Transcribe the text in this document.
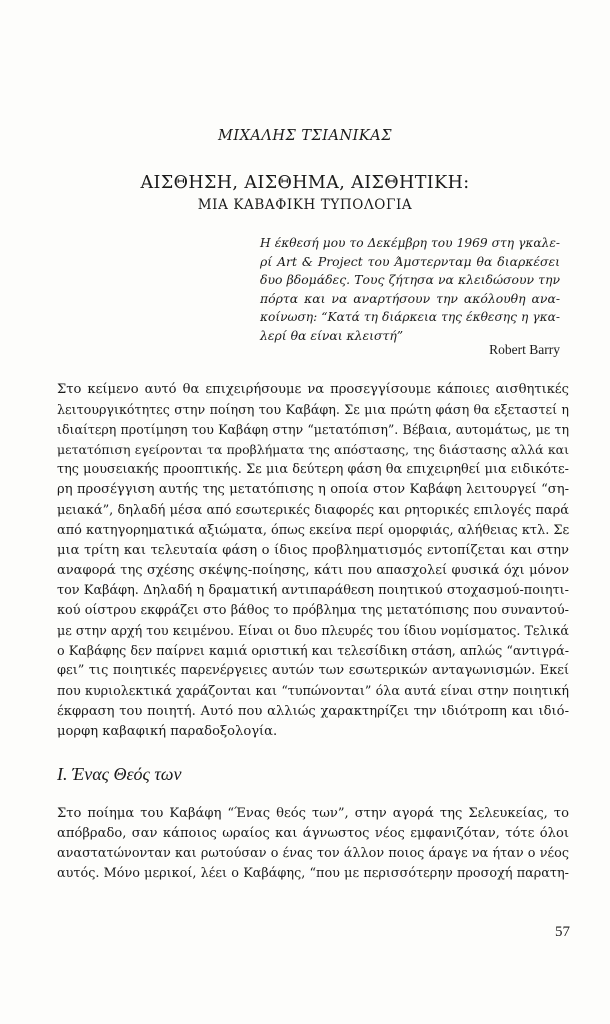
ΜΙΧΑΛΗΣ ΤΣΙΑΝΙΚΑΣ
ΑΙΣΘΗΣΗ, ΑΙΣΘΗΜΑ, ΑΙΣΘΗΤΙΚΗ:
ΜΙΑ ΚΑΒΑΦΙΚΗ ΤΥΠΟΛΟΓΙΑ
Η έκθεσή μου το Δεκέμβρη του 1969 στη γκαλε-
ρί Art & Project του Άμστερνταμ θα διαρκέσει
δυο βδομάδες. Τους ζήτησα να κλειδώσουν την
πόρτα και να αναρτήσουν την ακόλουθη ανα-
κοίνωση: “Κατά τη διάρκεια της έκθεσης η γκα-
λερί θα είναι κλειστή”
Robert Barry
Στο κείμενο αυτό θα επιχειρήσουμε να προσεγγίσουμε κάποιες αισθητικές
λειτουργικότητες στην ποίηση του Καβάφη. Σε μια πρώτη φάση θα εξεταστεί η
ιδιαίτερη προτίμηση του Καβάφη στην “μετατόπιση”. Βέβαια, αυτομάτως, με τη
μετατόπιση εγείρονται τα προβλήματα της απόστασης, της διάστασης αλλά και
της μουσειακής προοπτικής. Σε μια δεύτερη φάση θα επιχειρηθεί μια ειδικότε-
ρη προσέγγιση αυτής της μετατόπισης η οποία στον Καβάφη λειτουργεί “ση-
μειακά”, δηλαδή μέσα από εσωτερικές διαφορές και ρητορικές επιλογές παρά
από κατηγορηματικά αξιώματα, όπως εκείνα περί ομορφιάς, αλήθειας κτλ. Σε
μια τρίτη και τελευταία φάση ο ίδιος προβληματισμός εντοπίζεται και στην
αναφορά της σχέσης σκέψης-ποίησης, κάτι που απασχολεί φυσικά όχι μόνον
τον Καβάφη. Δηλαδή η δραματική αντιπαράθεση ποιητικού στοχασμού-ποιητι-
κού οίστρου εκφράζει στο βάθος το πρόβλημα της μετατόπισης που συναντού-
με στην αρχή του κειμένου. Είναι οι δυο πλευρές του ίδιου νομίσματος. Τελικά
ο Καβάφης δεν παίρνει καμιά οριστική και τελεσίδικη στάση, απλώς “αντιγρά-
φει” τις ποιητικές παρενέργειες αυτών των εσωτερικών ανταγωνισμών. Εκεί
που κυριολεκτικά χαράζονται και “τυπώνονται” όλα αυτά είναι στην ποιητική
έκφραση του ποιητή. Αυτό που αλλιώς χαρακτηρίζει την ιδιότροπη και ιδιό-
μορφη καβαφική παραδοξολογία.
I. Ένας Θεός των
Στο ποίημα του Καβάφη “Ένας θεός των”, στην αγορά της Σελευκείας, το
απόβραδο, σαν κάποιος ωραίος και άγνωστος νέος εμφανιζόταν, τότε όλοι
αναστατώνονταν και ρωτούσαν ο ένας τον άλλον ποιος άραγε να ήταν ο νέος
αυτός. Μόνο μερικοί, λέει ο Καβάφης, “που με περισσότερην προσοχή παρατη-
57
